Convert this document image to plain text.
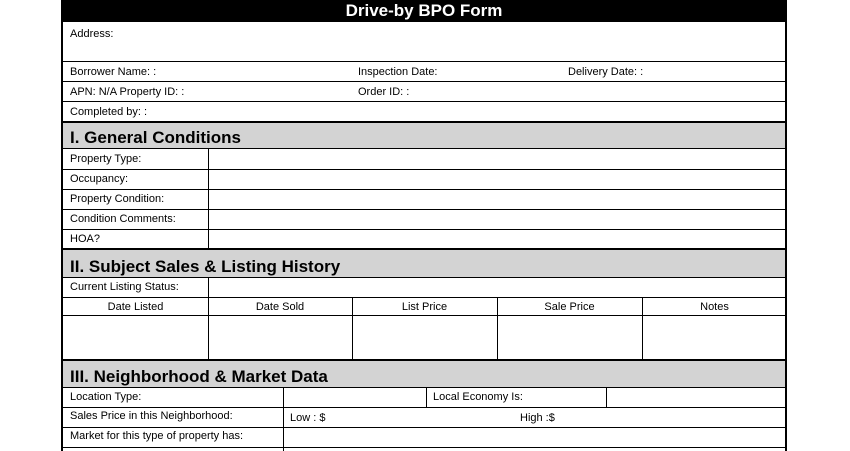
Drive-by BPO Form
Address:
Borrower Name: :	Inspection Date:	Delivery Date: :
APN: N/A Property ID: :	Order ID: :
Completed by: :
I. General Conditions
Property Type:
Occupancy:
Property Condition:
Condition Comments:
HOA?
II. Subject Sales & Listing History
Current Listing Status:
Date Listed	Date Sold	List Price	Sale Price	Notes
III. Neighborhood & Market Data
Location Type:	Local Economy Is:
Sales Price in this Neighborhood:	Low : $	High :$
Market for this type of property has:
